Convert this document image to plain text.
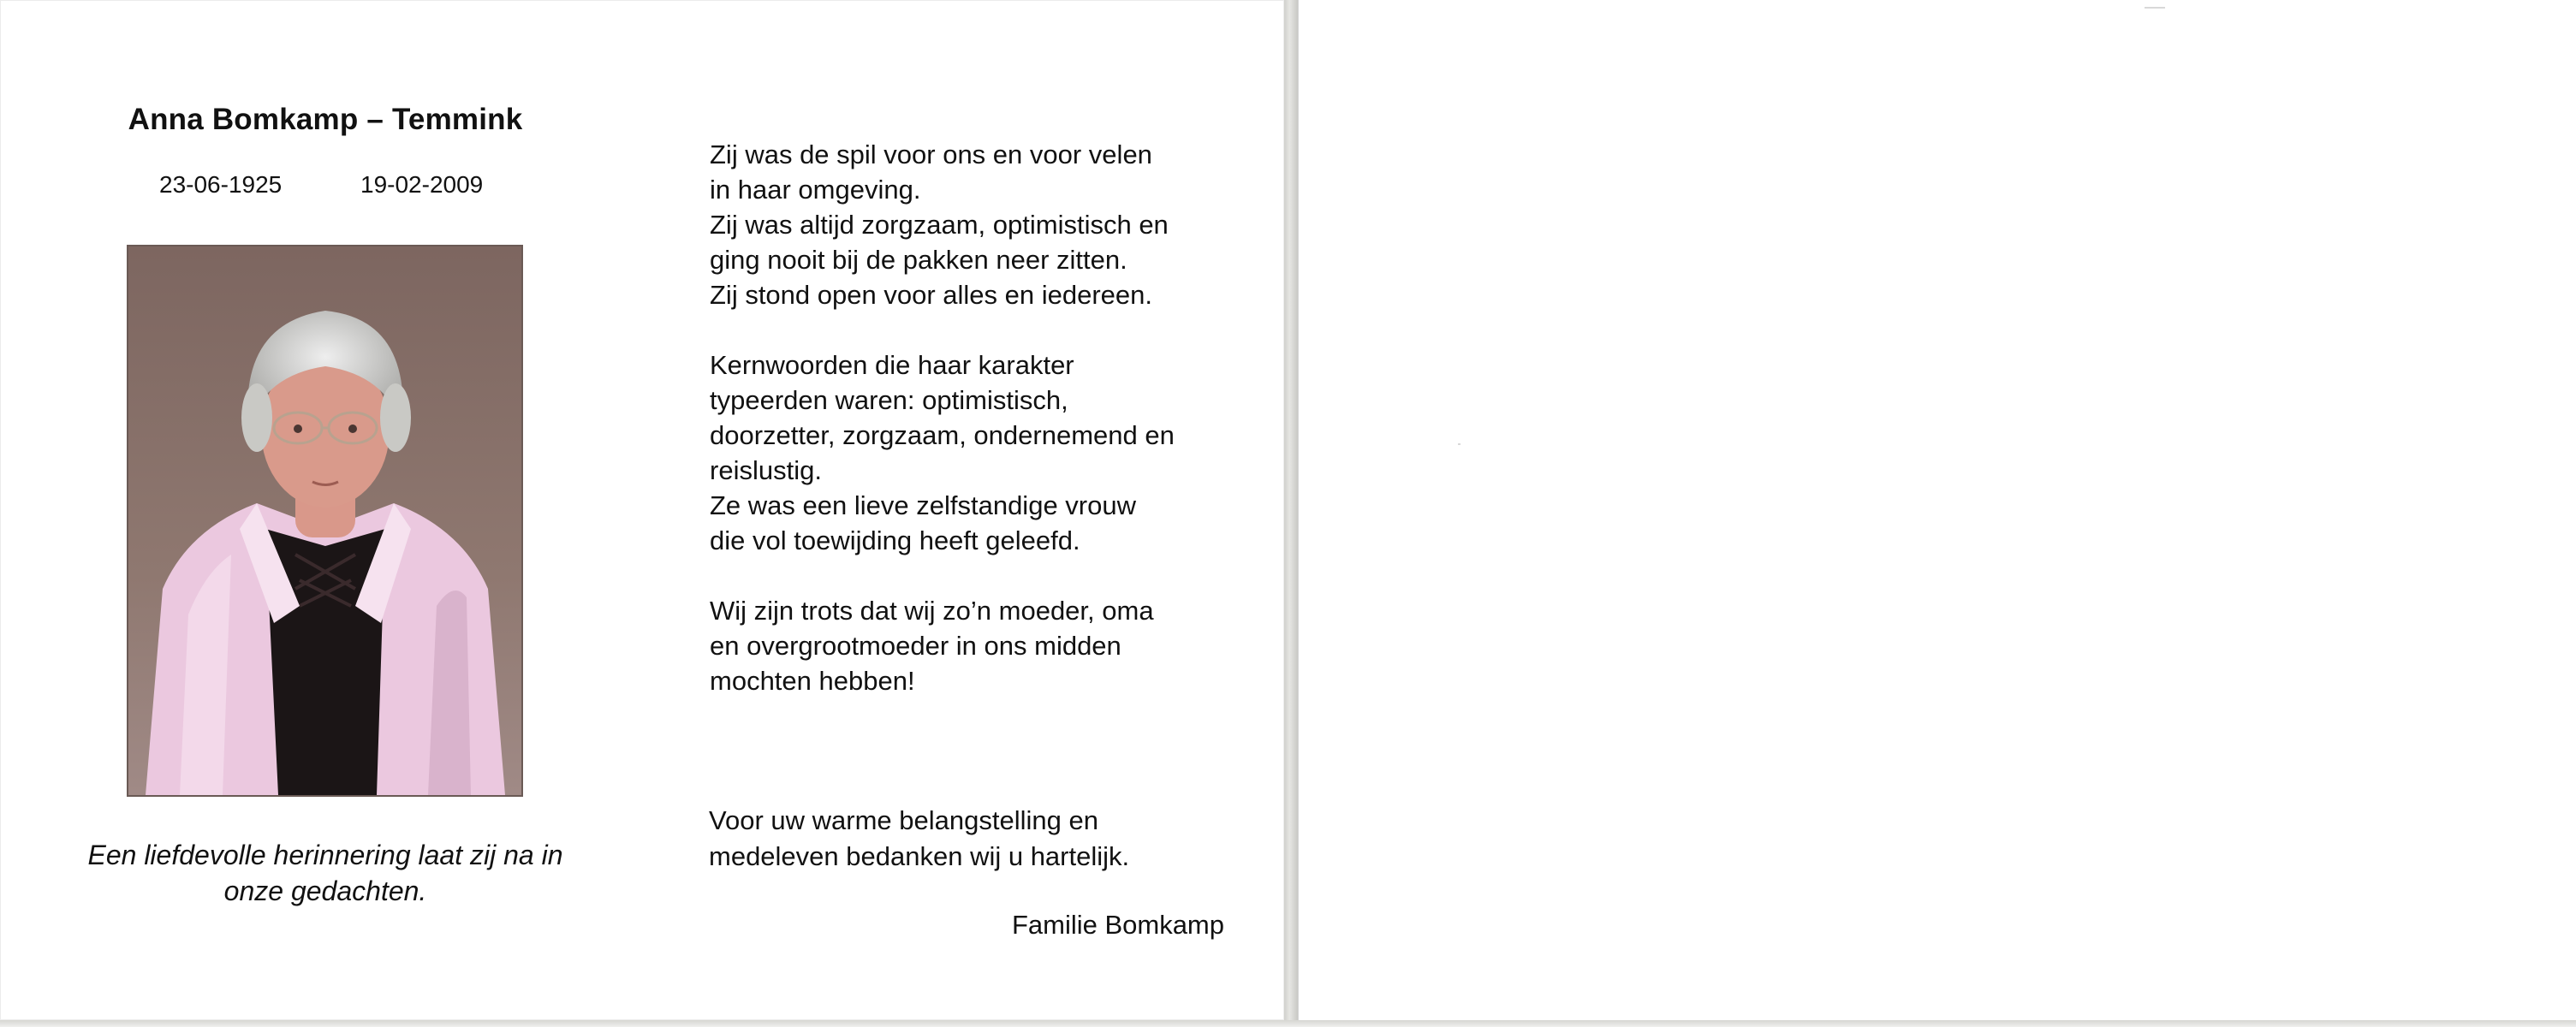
Anna Bomkamp – Temmink
23-06-1925	19-02-2009
Een liefdevolle herinnering laat zij na in
onze gedachten.
Zij was de spil voor ons en voor velen
in haar omgeving.
Zij was altijd zorgzaam, optimistisch en
ging nooit bij de pakken neer zitten.
Zij stond open voor alles en iedereen.
Kernwoorden die haar karakter
typeerden waren: optimistisch,
doorzetter, zorgzaam, ondernemend en
reislustig.
Ze was een lieve zelfstandige vrouw
die vol toewijding heeft geleefd.
Wij zijn trots dat wij zo’n moeder, oma
en overgrootmoeder in ons midden
mochten hebben!
Voor uw warme belangstelling en
medeleven bedanken wij u hartelijk.
Familie Bomkamp
